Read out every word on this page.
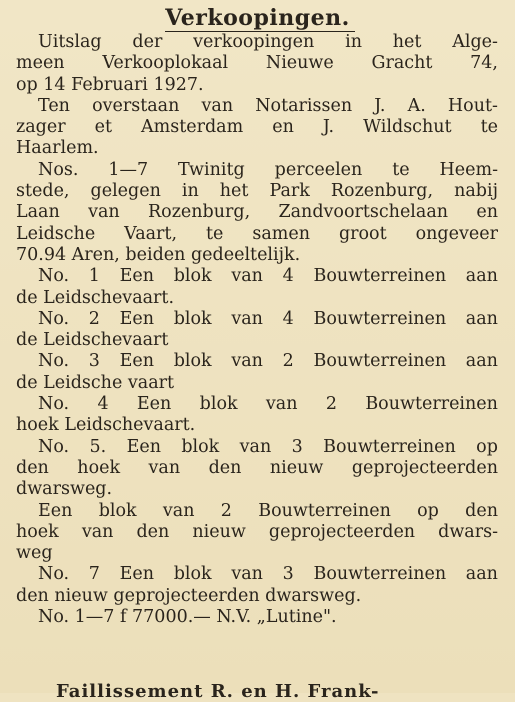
Verkoopingen.
Uitslag der verkoopingen in het Alge-
meen Verkooplokaal Nieuwe Gracht 74,
op 14 Februari 1927.
Ten overstaan van Notarissen J. A. Hout-
zager et Amsterdam en J. Wildschut te
Haarlem.
Nos. 1—7 Twinitg perceelen te Heem-
stede, gelegen in het Park Rozenburg, nabij
Laan van Rozenburg, Zandvoortschelaan en
Leidsche Vaart, te samen groot ongeveer
70.94 Aren, beiden gedeeltelijk.
No. 1 Een blok van 4 Bouwterreinen aan
de Leidschevaart.
No. 2 Een blok van 4 Bouwterreinen aan
de Leidschevaart
No. 3 Een blok van 2 Bouwterreinen aan
de Leidsche vaart
No. 4 Een blok van 2 Bouwterreinen
hoek Leidschevaart.
No. 5. Een blok van 3 Bouwterreinen op
den hoek van den nieuw geprojecteerden
dwarsweg.
Een blok van 2 Bouwterreinen op den
hoek van den nieuw geprojecteerden dwars-
weg
No. 7 Een blok van 3 Bouwterreinen aan
den nieuw geprojecteerden dwarsweg.
No. 1—7 f 77000.— N.V. „Lutine".
Faillissement R. en H. Frank-
